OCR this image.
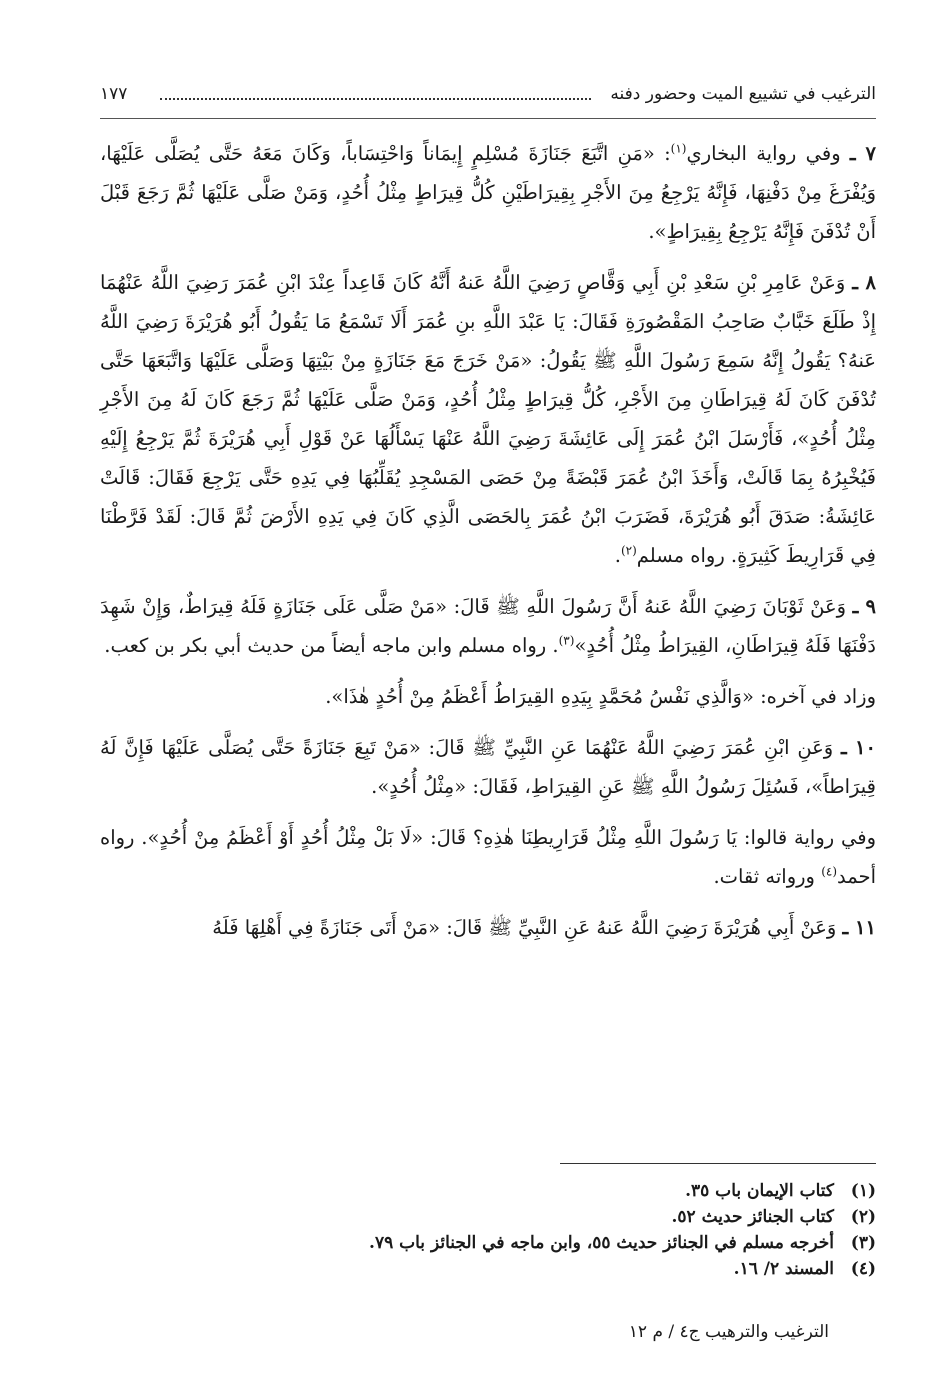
الترغيب في تشييع الميت وحضور دفنه
١٧٧

٧ ـ وفي رواية البخاري$^{(١)}$: «مَنِ اتَّبَعَ جَنَازَةَ مُسْلِمٍ إِيمَاناً وَاحْتِسَاباً، وَكَانَ مَعَهُ حَتَّى يُصَلَّى عَلَيْهَا، وَيُفْرَغَ مِنْ دَفْنِهَا، فَإِنَّهُ يَرْجِعُ مِنَ الأَجْرِ بِقِيرَاطَيْنِ كُلُّ قِيرَاطٍ مِثْلُ أُحُدٍ، وَمَنْ صَلَّى عَلَيْهَا ثُمَّ رَجَعَ قَبْلَ أَنْ تُدْفَنَ فَإِنَّهُ يَرْجِعُ بِقِيرَاطٍ».

٨ ـ وَعَنْ عَامِرِ بْنِ سَعْدِ بْنِ أَبِي وَقَّاصٍ رَضِيَ اللَّهُ عَنهُ أَنَّهُ كَانَ قَاعِداً عِنْدَ ابْنِ عُمَرَ رَضِيَ اللَّهُ عَنْهُمَا إِذْ طَلَعَ خَبَّابٌ صَاحِبُ المَقْصُورَةِ فَقَالَ: يَا عَبْدَ اللَّهِ بنِ عُمَرَ أَلَا تَسْمَعُ مَا يَقُولُ أَبُو هُرَيْرَةَ رَضِيَ اللَّهُ عَنهُ؟ يَقُولُ إِنَّهُ سَمِعَ رَسُولَ اللَّهِ ﷺ يَقُولُ: «مَنْ خَرَجَ مَعَ جَنَازَةٍ مِنْ بَيْتِهَا وَصَلَّى عَلَيْهَا وَاتَّبَعَهَا حَتَّى تُدْفَنَ كَانَ لَهُ قِيرَاطَانِ مِنَ الأَجْرِ، كُلُّ قِيرَاطٍ مِثْلُ أُحُدٍ، وَمَنْ صَلَّى عَلَيْهَا ثُمَّ رَجَعَ كَانَ لَهُ مِنَ الأَجْرِ مِثْلُ أُحُدٍ»، فَأَرْسَلَ ابْنُ عُمَرَ إِلَى عَائِشَةَ رَضِيَ اللَّهُ عَنْهَا يَسْأَلُهَا عَنْ قَوْلِ أَبِي هُرَيْرَةَ ثُمَّ يَرْجِعُ إِلَيْهِ فَيُخْبِرُهُ بِمَا قَالَتْ، وَأَخَذَ ابْنُ عُمَرَ قَبْضَةً مِنْ حَصَى المَسْجِدِ يُقَلِّبُهَا فِي يَدِهِ حَتَّى يَرْجِعَ فَقَالَ: قَالَتْ عَائِشَةُ: صَدَقَ أَبُو هُرَيْرَةَ، فَضَرَبَ ابْنُ عُمَرَ بِالحَصَى الَّذِي كَانَ فِي يَدِهِ الأَرْضَ ثُمَّ قَالَ: لَقَدْ فَرَّطْنَا فِي قَرَارِيطَ كَثِيرَةٍ. رواه مسلم$^{(٢)}$.

٩ ـ وَعَنْ ثَوْبَانَ رَضِيَ اللَّهُ عَنهُ أَنَّ رَسُولَ اللَّهِ ﷺ قَالَ: «مَنْ صَلَّى عَلَى جَنَازَةٍ فَلَهُ قِيرَاطٌ، وَإِنْ شَهِدَ دَفْنَهَا فَلَهُ قِيرَاطَانِ، القِيرَاطُ مِثْلُ أُحُدٍ»$^{(٣)}$. رواه مسلم وابن ماجه أيضاً من حديث أبي بكر بن كعب.

وزاد في آخره: «وَالَّذِي نَفْسُ مُحَمَّدٍ بِيَدِهِ القِيرَاطُ أَعْظَمُ مِنْ أُحُدٍ هٰذَا».

١٠ ـ وَعَنِ ابْنِ عُمَرَ رَضِيَ اللَّهُ عَنْهُمَا عَنِ النَّبِيِّ ﷺ قَالَ: «مَنْ تَبِعَ جَنَازَةً حَتَّى يُصَلَّى عَلَيْهَا فَإِنَّ لَهُ قِيرَاطاً»، فَسُئِلَ رَسُولُ اللَّهِ ﷺ عَنِ القِيرَاطِ، فَقَالَ: «مِثْلُ أُحُدٍ».

وفي رواية قالوا: يَا رَسُولَ اللَّهِ مِثْلُ قَرَارِيطِنَا هٰذِهِ؟ قَالَ: «لَا بَلْ مِثْلُ أُحُدٍ أَوْ أَعْظَمُ مِنْ أُحُدٍ». رواه أحمد$^{(٤)}$ ورواته ثقات.

١١ ـ وَعَنْ أَبِي هُرَيْرَةَ رَضِيَ اللَّهُ عَنهُ عَنِ النَّبِيِّ ﷺ قَالَ: «مَنْ أَتَى جَنَازَةً فِي أَهْلِهَا فَلَهُ

(١)كتاب الإيمان باب ٣٥.
(٢)كتاب الجنائز حديث ٥٢.
(٣)أخرجه مسلم في الجنائز حديث ٥٥، وابن ماجه في الجنائز باب ٧٩.
(٤)المسند ٢/ ١٦.
الترغيب والترهيب ج٤ / م ١٢
